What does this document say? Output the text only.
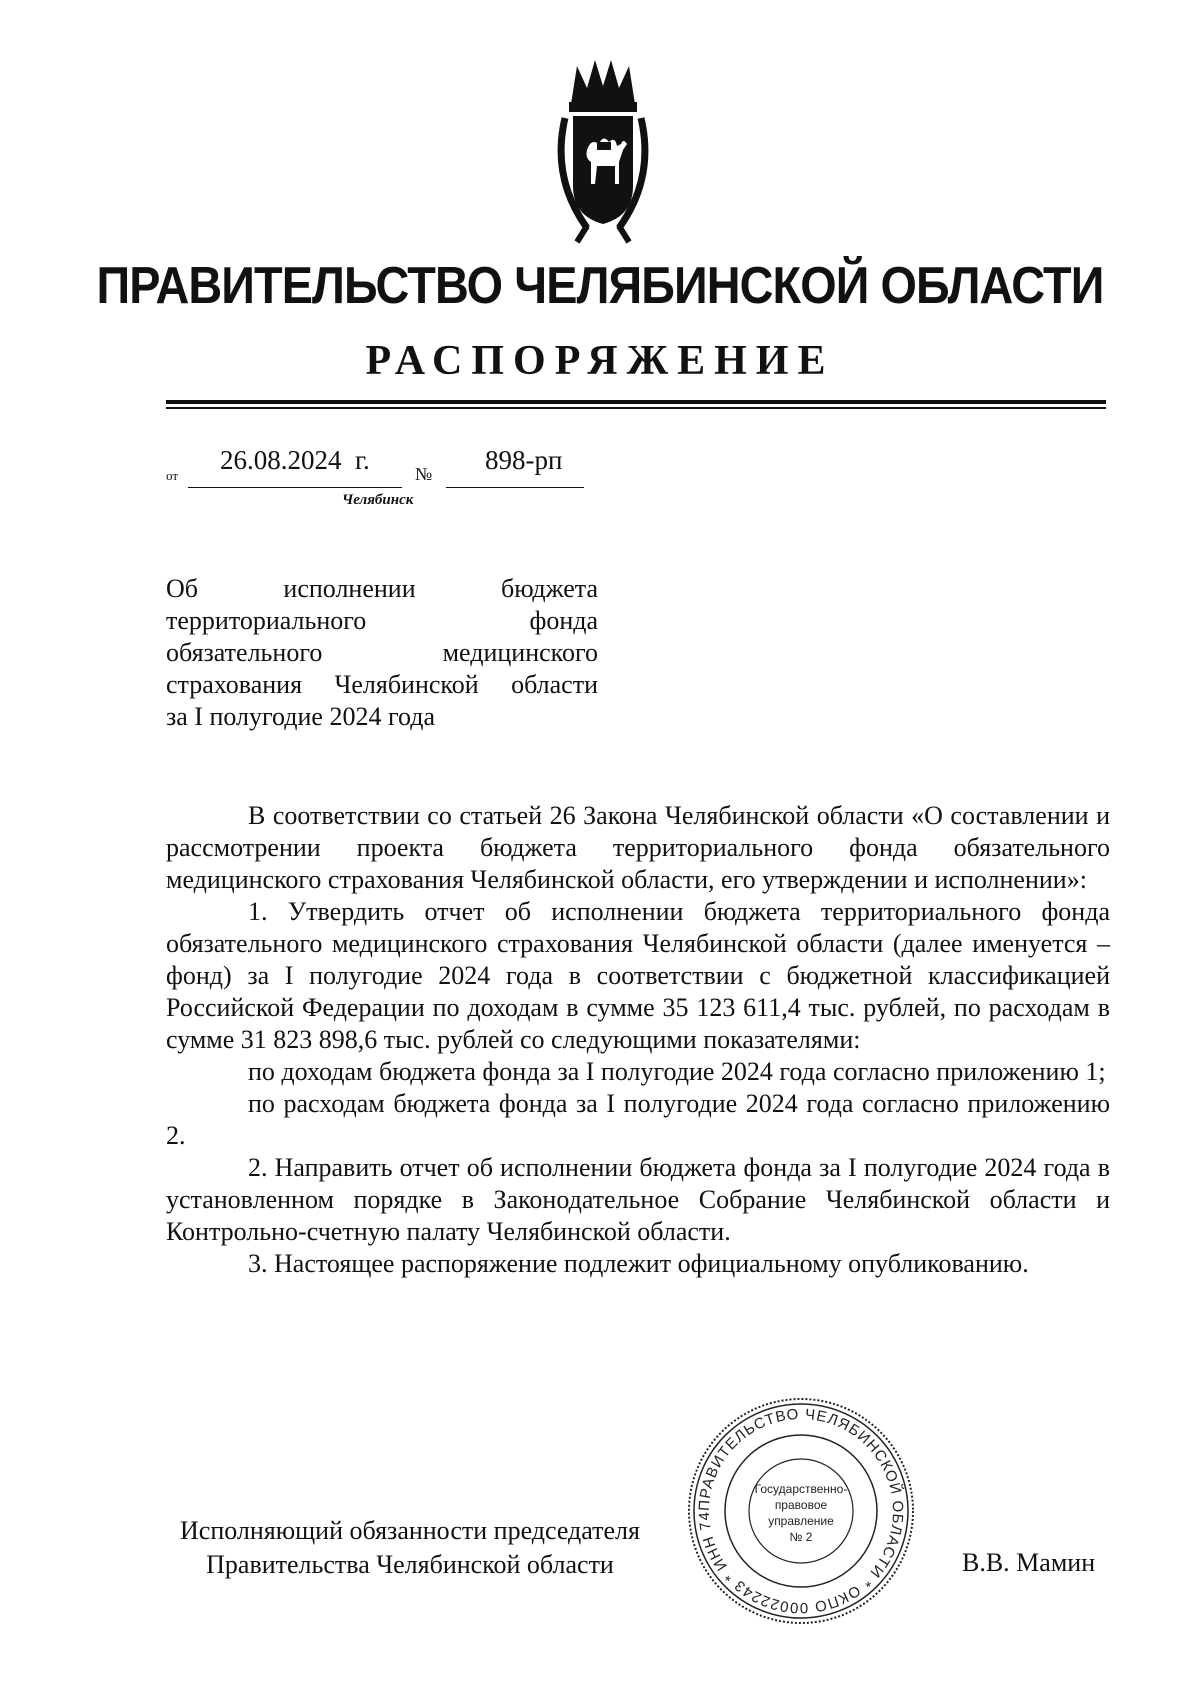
ПРАВИТЕЛЬСТВО ЧЕЛЯБИНСКОЙ ОБЛАСТИ
РАСПОРЯЖЕНИЕ
от
26.08.2024  г.	№ 898-рп
Челябинск
Об исполнении бюджета
территориального фонда
обязательного медицинского
страхования Челябинской области
за I полугодие 2024 года

В соответствии со статьей 26 Закона Челябинской области «О составлении и рассмотрении проекта бюджета территориального фонда обязательного медицинского страхования Челябинской области, его утверждении и исполнении»:

1. Утвердить отчет об исполнении бюджета территориального фонда обязательного медицинского страхования Челябинской области (далее именуется – фонд) за I полугодие 2024 года в соответствии с бюджетной классификацией Российской Федерации по доходам в сумме 35 123 611,4 тыс. рублей, по расходам в сумме 31 823 898,6 тыс. рублей со следующими показателями:

по доходам бюджета фонда за I полугодие 2024 года согласно приложению 1;

по расходам бюджета фонда за I полугодие 2024 года согласно приложению 2.

2. Направить отчет об исполнении бюджета фонда за I полугодие 2024 года в установленном порядке в Законодательное Собрание Челябинской области и Контрольно-счетную палату Челябинской области.

3. Настоящее распоряжение подлежит официальному опубликованию.

Исполняющий обязанности председателя
Правительства Челябинской области	В.В. Мамин
ПРАВИТЕЛЬСТВО ЧЕЛЯБИНСКОЙ ОБЛАСТИ * ОКПО 00022243 * ИНН 74
Государственно-
правовое
управление
№ 2
